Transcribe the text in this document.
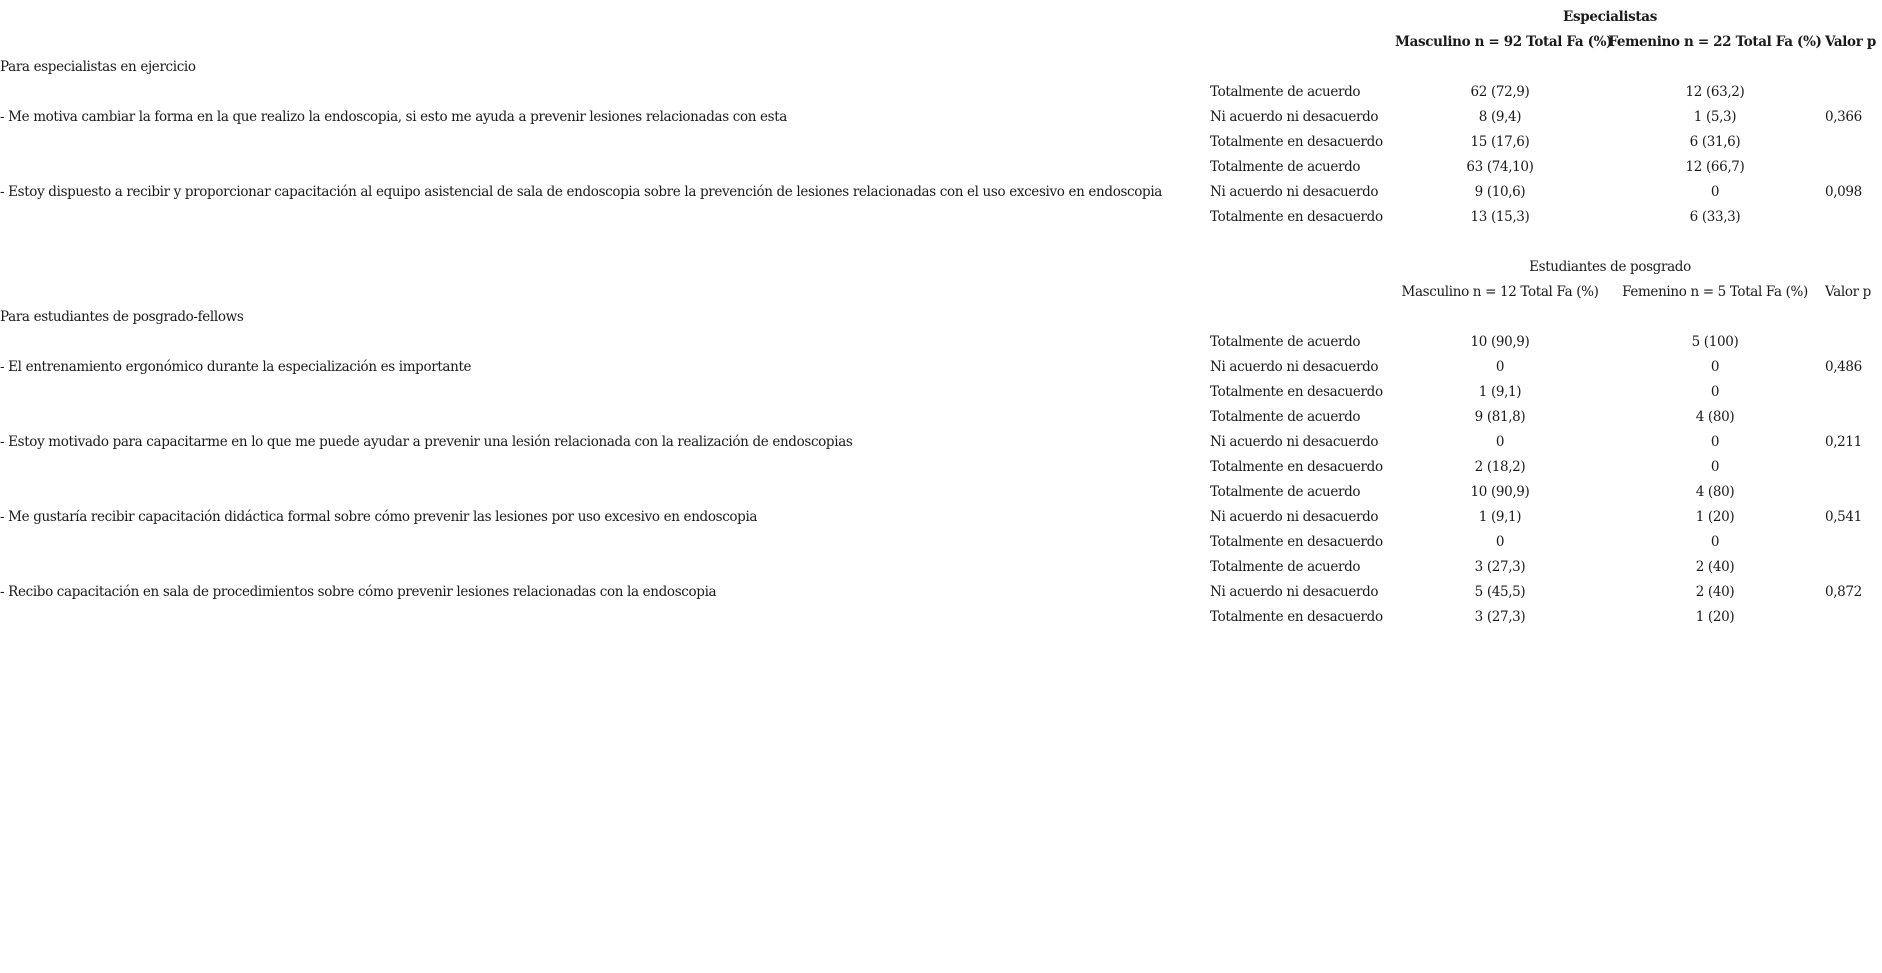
		Especialistas		
		Masculino n = 92 Total Fa (%)	Femenino n = 22 Total Fa (%)	Valor p
Para especialistas en ejercicio				
	Totalmente de acuerdo	62 (72,9)	12 (63,2)	
- Me motiva cambiar la forma en la que realizo la endoscopia, si esto me ayuda a prevenir lesiones relacionadas con esta	Ni acuerdo ni desacuerdo	8 (9,4)	1 (5,3)	0,366
	Totalmente en desacuerdo	15 (17,6)	6 (31,6)	
	Totalmente de acuerdo	63 (74,10)	12 (66,7)	
- Estoy dispuesto a recibir y proporcionar capacitación al equipo asistencial de sala de endoscopia sobre la prevención de lesiones relacionadas con el uso excesivo en endoscopia	Ni acuerdo ni desacuerdo	9 (10,6)	0	0,098
	Totalmente en desacuerdo	13 (15,3)	6 (33,3)	

		Estudiantes de posgrado		
		Masculino n = 12 Total Fa (%)	Femenino n = 5 Total Fa (%)	Valor p
Para estudiantes de posgrado-fellows				
	Totalmente de acuerdo	10 (90,9)	5 (100)	
- El entrenamiento ergonómico durante la especialización es importante	Ni acuerdo ni desacuerdo	0	0	0,486
	Totalmente en desacuerdo	1 (9,1)	0	
	Totalmente de acuerdo	9 (81,8)	4 (80)	
- Estoy motivado para capacitarme en lo que me puede ayudar a prevenir una lesión relacionada con la realización de endoscopias	Ni acuerdo ni desacuerdo	0	0	0,211
	Totalmente en desacuerdo	2 (18,2)	0	
	Totalmente de acuerdo	10 (90,9)	4 (80)	
- Me gustaría recibir capacitación didáctica formal sobre cómo prevenir las lesiones por uso excesivo en endoscopia	Ni acuerdo ni desacuerdo	1 (9,1)	1 (20)	0,541
	Totalmente en desacuerdo	0	0	
	Totalmente de acuerdo	3 (27,3)	2 (40)	
- Recibo capacitación en sala de procedimientos sobre cómo prevenir lesiones relacionadas con la endoscopia	Ni acuerdo ni desacuerdo	5 (45,5)	2 (40)	0,872
	Totalmente en desacuerdo	3 (27,3)	1 (20)	
